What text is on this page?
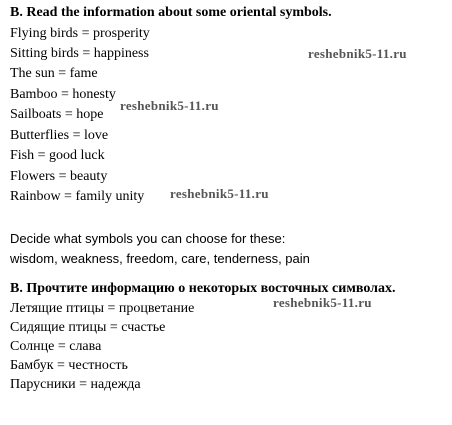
B. Read the information about some oriental symbols.
Flying birds = prosperity
Sitting birds = happiness
The sun = fame
Bamboo = honesty
Sailboats = hope
Butterflies = love
Fish = good luck
Flowers = beauty
Rainbow = family unity
Decide what symbols you can choose for these:
wisdom, weakness, freedom, care, tenderness, pain
B. Прочтите информацию о некоторых восточных символах.
Летящие птицы = процветание
Сидящие птицы = счастье
Солнце = слава
Бамбук = честность
Парусники = надежда
reshebnik5-11.ru
reshebnik5-11.ru
reshebnik5-11.ru
reshebnik5-11.ru
